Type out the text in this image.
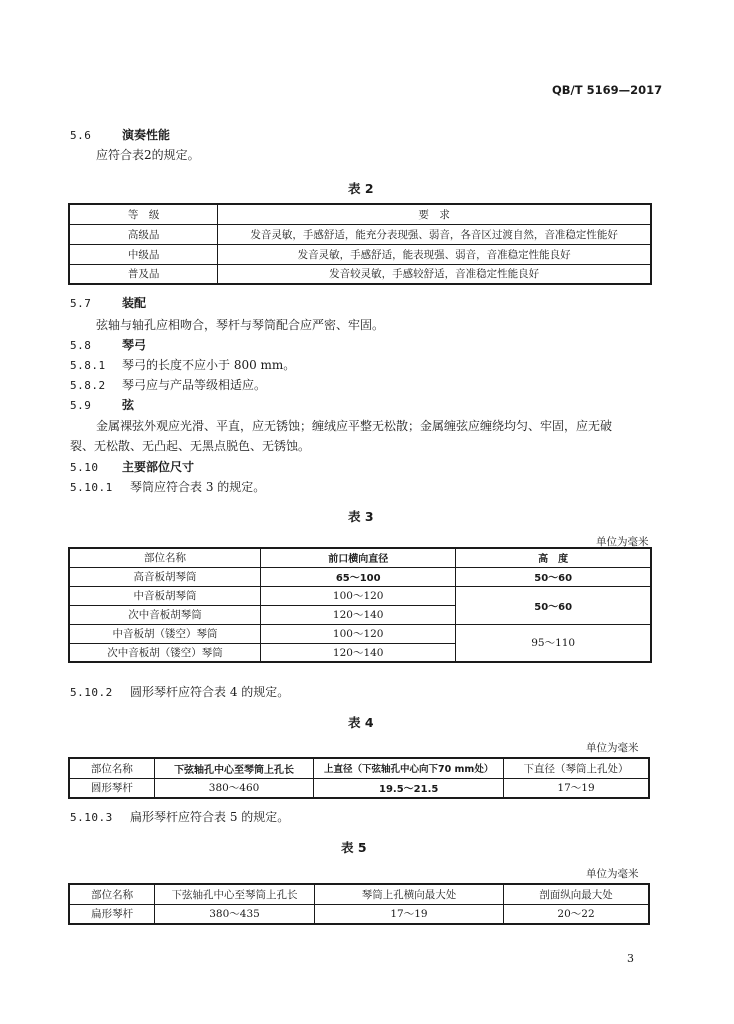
QB/T 5169—2017
5.6	演奏性能
应符合表2的规定。
表 2
等　级	要　求
高级品	发音灵敏，手感舒适，能充分表现强、弱音，各音区过渡自然，音准稳定性能好
中级品	发音灵敏，手感舒适，能表现强、弱音，音准稳定性能良好
普及品	发音较灵敏，手感较舒适，音准稳定性能良好
5.7	装配
弦轴与轴孔应相吻合，琴杆与琴筒配合应严密、牢固。
5.8	琴弓
5.8.1 琴弓的长度不应小于 800 mm。
5.8.2 琴弓应与产品等级相适应。
5.9	弦
金属裸弦外观应光滑、平直，应无锈蚀；缠绒应平整无松散；金属缠弦应缠绕均匀、牢固，应无破
裂、无松散、无凸起、无黑点脱色、无锈蚀。
5.10 主要部位尺寸
5.10.1 琴筒应符合表 3 的规定。
表 3
单位为毫米
部位名称	前口横向直径	高　度
高音板胡琴筒	65～100	50～60
中音板胡琴筒	100～120	50～60
次中音板胡琴筒	120～140	
中音板胡（镂空）琴筒	100～120	95～110
次中音板胡（镂空）琴筒	120～140	
5.10.2 圆形琴杆应符合表 4 的规定。
表 4
单位为毫米
部位名称	下弦轴孔中心至琴筒上孔长	上直径（下弦轴孔中心向下70 mm处）	下直径（琴筒上孔处）
圆形琴杆	380～460	19.5～21.5	17～19
5.10.3 扁形琴杆应符合表 5 的规定。
表 5
单位为毫米
部位名称	下弦轴孔中心至琴筒上孔长	琴筒上孔横向最大处	剖面纵向最大处
扁形琴杆	380～435	17～19	20～22
3
